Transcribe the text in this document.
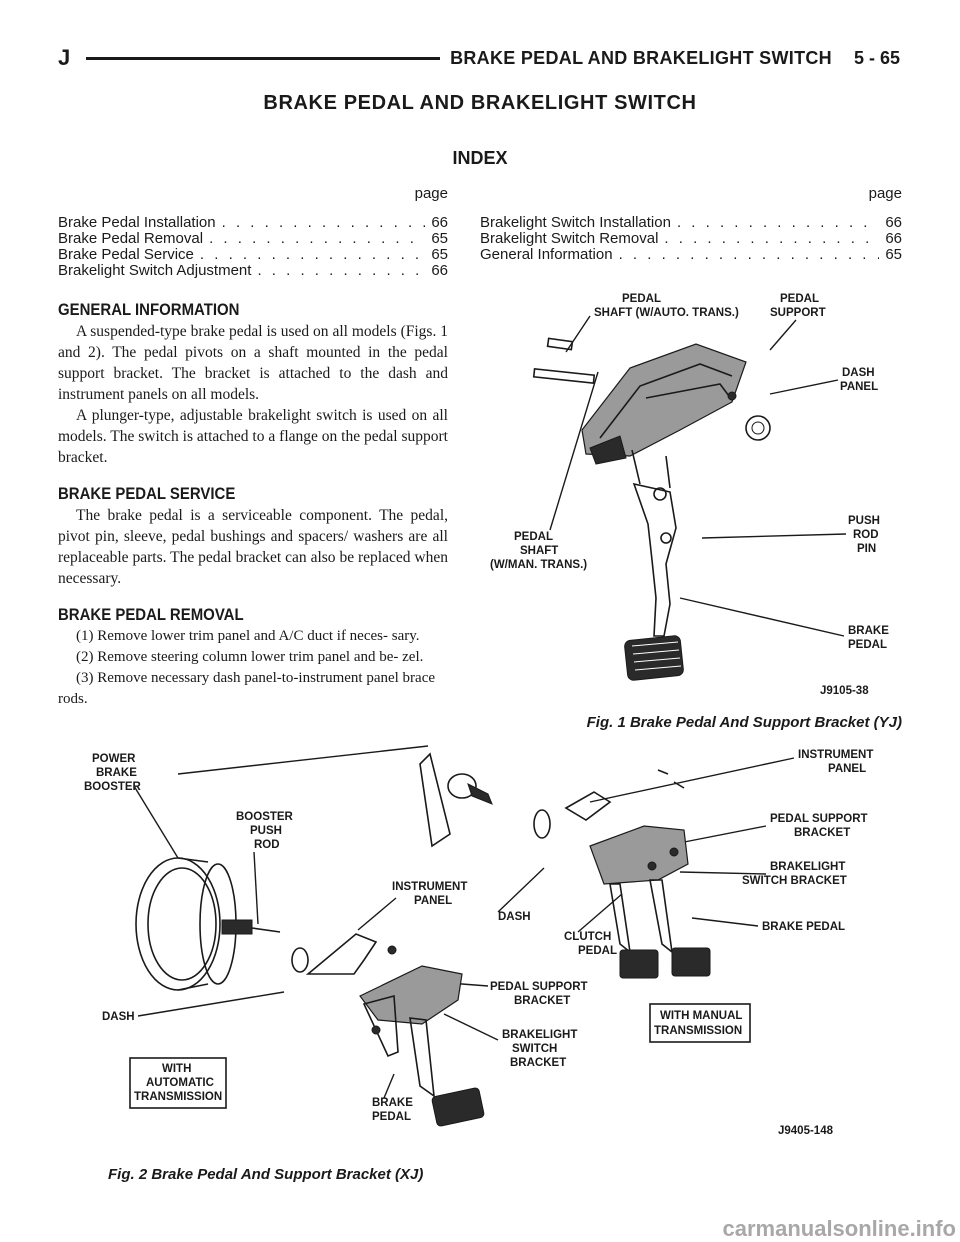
J	BRAKE PEDAL AND BRAKELIGHT SWITCH 5 - 65
BRAKE PEDAL AND BRAKELIGHT SWITCH
INDEX
page
Brake Pedal Installation . . .	66
Brake Pedal Removal . . .	65
Brake Pedal Service . . .	65
Brakelight Switch Adjustment . . .	66
page
Brakelight Switch Installation . . .	66
Brakelight Switch Removal . . .	66
General Information . . .	65
GENERAL INFORMATION

A suspended-type brake pedal is used on all models (Figs. 1 and 2). The pedal pivots on a shaft mounted in the pedal support bracket. The bracket is attached to the dash and instrument panels on all models.

A plunger-type, adjustable brakelight switch is used on all models. The switch is attached to a flange on the pedal support bracket.

BRAKE PEDAL SERVICE

The brake pedal is a serviceable component. The pedal, pivot pin, sleeve, pedal bushings and spacers/ washers are all replaceable parts. The pedal bracket can also be replaced when necessary.

BRAKE PEDAL REMOVAL

(1) Remove lower trim panel and A/C duct if neces- sary.

(2) Remove steering column lower trim panel and be- zel.

(3) Remove necessary dash panel-to-instrument panel brace rods.

PEDAL
SHAFT (W/AUTO. TRANS.)
PEDAL
SUPPORT
DASH
PANEL
PUSH
ROD
PIN
PEDAL
SHAFT
(W/MAN. TRANS.)
BRAKE
PEDAL
J9105-38
Fig. 1 Brake Pedal And Support Bracket (YJ)
POWER
BRAKE
BOOSTER
BOOSTER
PUSH
ROD
INSTRUMENT
PANEL
DASH
PEDAL SUPPORT
BRACKET
BRAKELIGHT
SWITCH
BRACKET
BRAKE
PEDAL
INSTRUMENT
PANEL
PEDAL SUPPORT
BRACKET
BRAKELIGHT
SWITCH BRACKET
DASH
CLUTCH
PEDAL
BRAKE PEDAL
J9405-148
WITH
AUTOMATIC
TRANSMISSION
WITH MANUAL
TRANSMISSION
Fig. 2 Brake Pedal And Support Bracket (XJ)
carmanualsonline.info
